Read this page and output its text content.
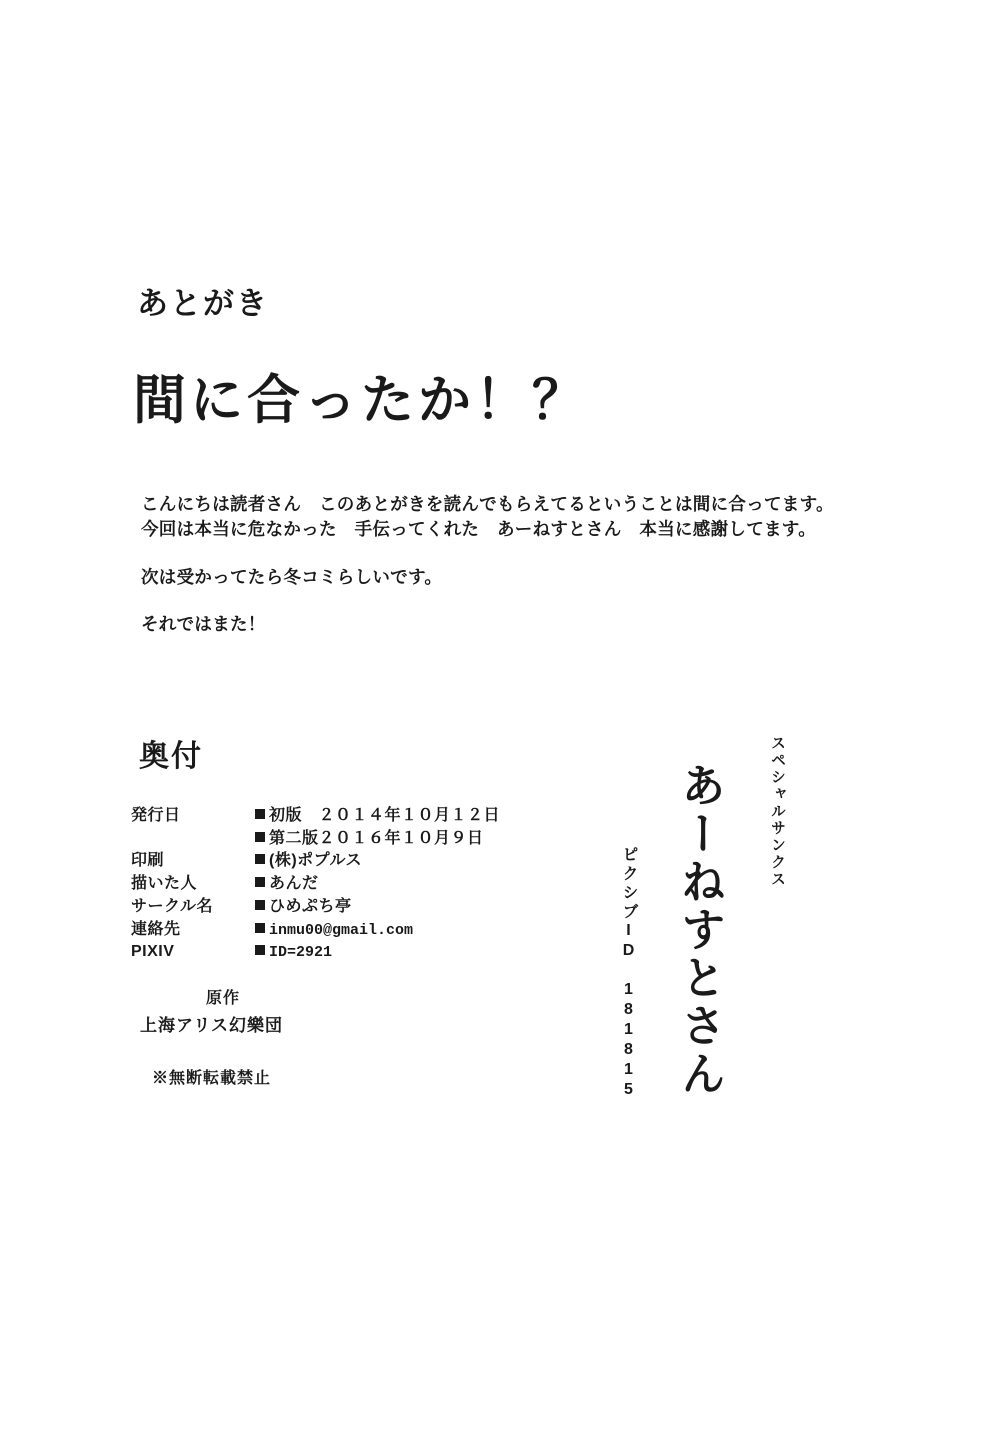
あとがき
間に合ったか！？

こんにちは読者さん　このあとがきを読んでもらえてるということは間に合ってます。

今回は本当に危なかった　手伝ってくれた　あーねすとさん　本当に感謝してます。

次は受かってたら冬コミらしいです。

それではまた！

奥付
発行日	初版　２０１４年１０月１２日
	第二版２０１６年１０月９日
印刷	(株)ポプルス
描いた人	あんだ
サークル名	ひめぷち亭
連絡先	inmu00@gmail.com
PIXIV	ID=2921
原作
上海アリス幻樂団
※無断転載禁止
スペシャルサンクス
あーねすとさん
ピクシブID　181815
